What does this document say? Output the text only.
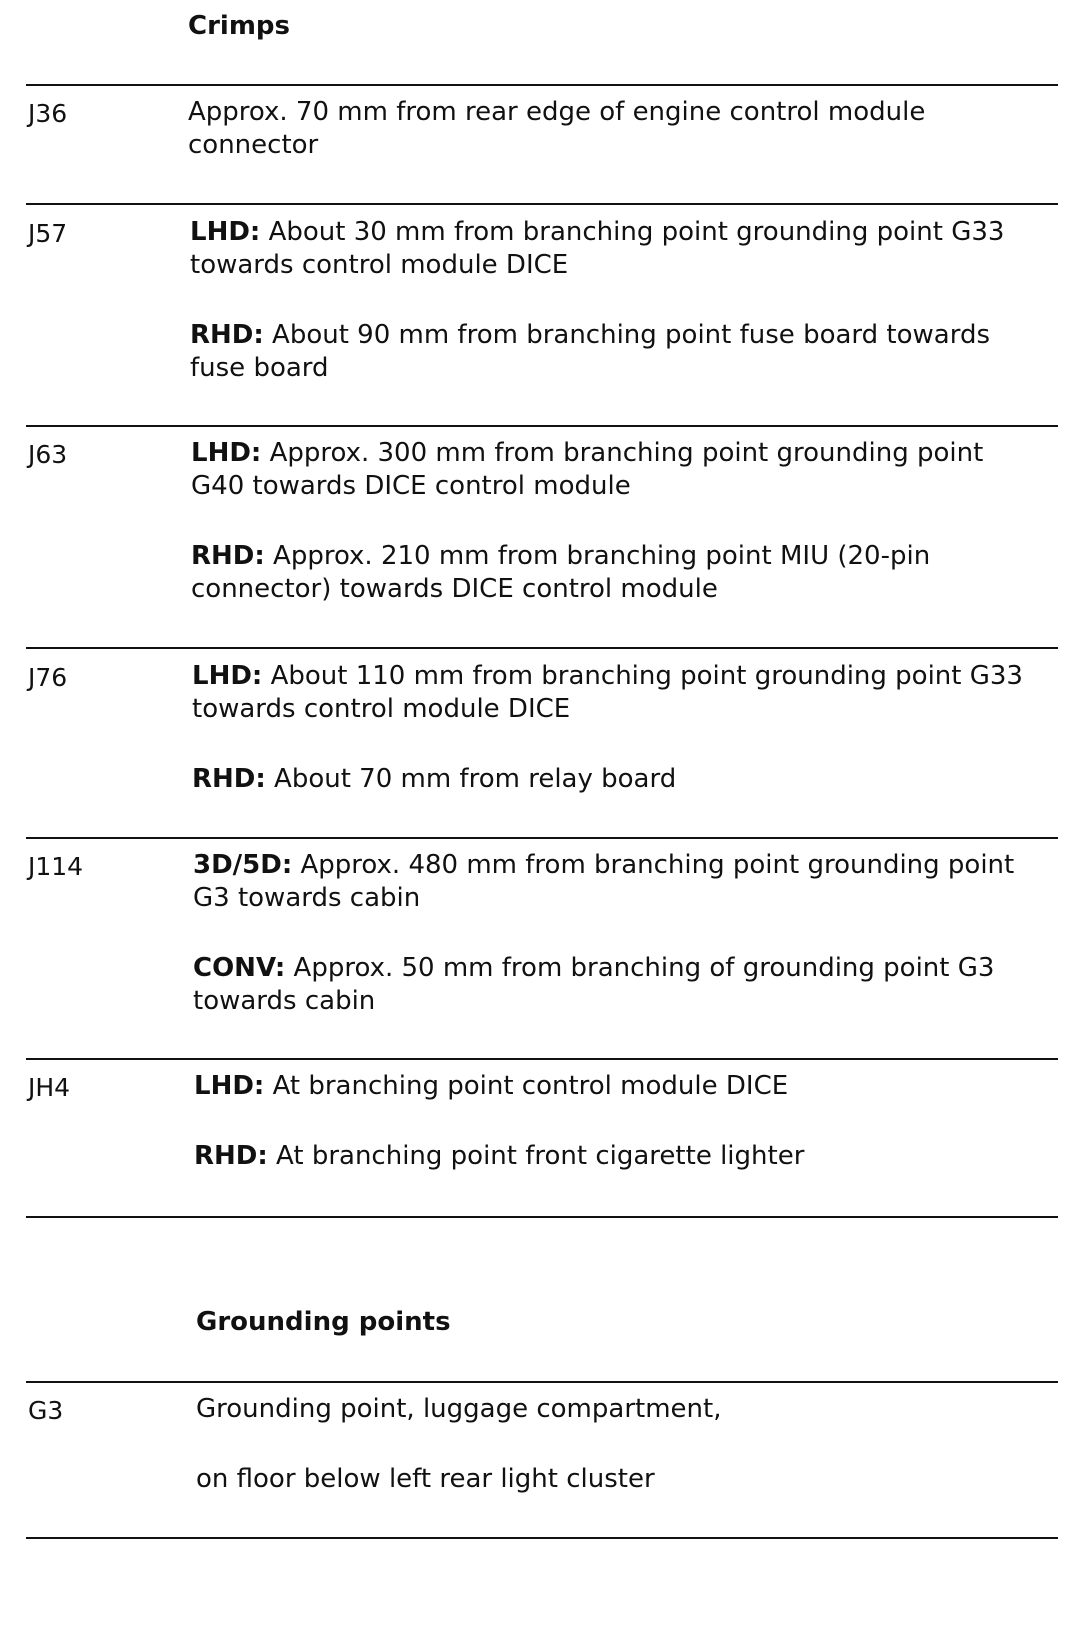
Crimps
J36	Approx. 70 mm from rear edge of engine control module connector

J57	LHD: About 30 mm from branching point grounding point G33 towards control module DICE

RHD: About 90 mm from branching point fuse board towards fuse board

J63	LHD: Approx. 300 mm from branching point grounding point G40 towards DICE control module

RHD: Approx. 210 mm from branching point MIU (20-pin connector) towards DICE control module

J76	LHD: About 110 mm from branching point grounding point G33 towards control module DICE

RHD: About 70 mm from relay board

J114	3D/5D: Approx. 480 mm from branching point grounding point G3 towards cabin

CONV: Approx. 50 mm from branching of grounding point G3 towards cabin

JH4	LHD: At branching point control module DICE

RHD: At branching point front cigarette lighter

Grounding points
G3	Grounding point, luggage compartment,

on floor below left rear light cluster
